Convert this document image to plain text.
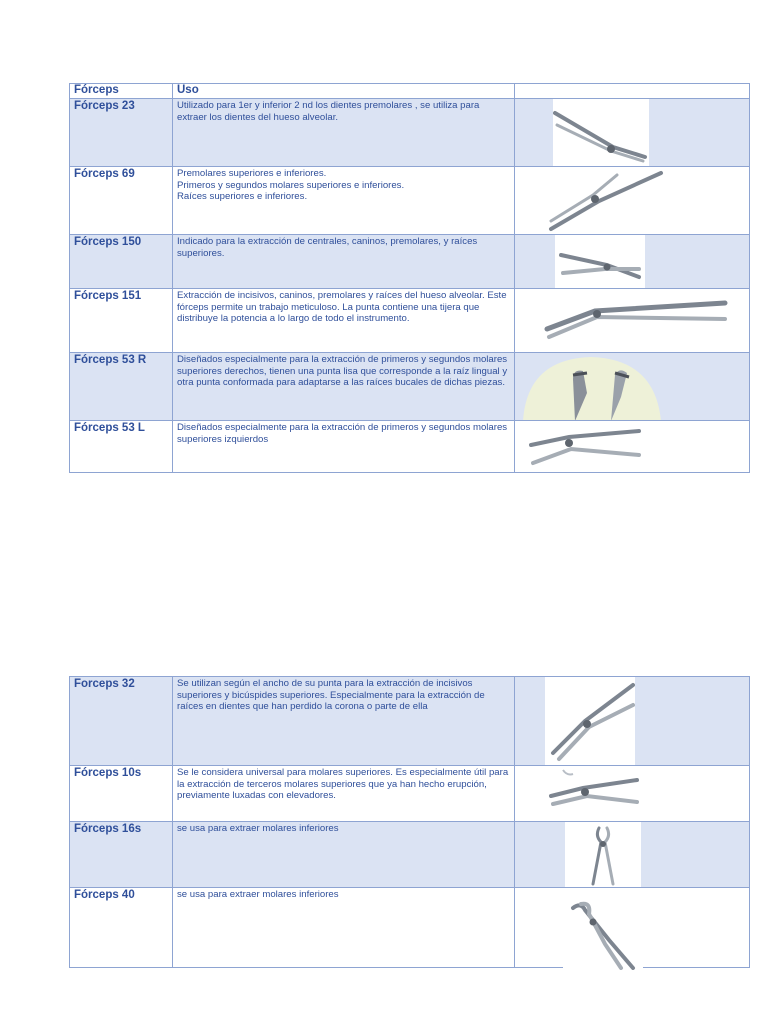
Fórceps	Uso
Fórceps 23	Utilizado para 1er y inferior 2 nd los dientes premolares , se utiliza para extraer los dientes del hueso alveolar.
Fórceps 69	Premolares superiores e inferiores.
Primeros y segundos molares superiores e inferiores.
Raíces superiores e inferiores.
Fórceps 150	Indicado para la extracción de centrales, caninos, premolares, y raíces superiores.
Fórceps 151	Extracción de incisivos, caninos, premolares y raíces del hueso alveolar. Este fórceps permite un trabajo meticuloso. La punta contiene una tijera que distribuye la potencia a lo largo de todo el instrumento.
Fórceps 53 R	Diseñados especialmente para la extracción de primeros y segundos molares superiores derechos, tienen una punta lisa que corresponde a la raíz lingual y otra punta conformada para adaptarse a las raíces bucales de dichas piezas.
Fórceps 53 L	Diseñados especialmente para la extracción de primeros y segundos molares superiores izquierdos
Forceps 32	Se utilizan según el ancho de su punta para la extracción de incisivos superiores y bicúspides superiores. Especialmente para la extracción de raíces en dientes que han perdido la corona o parte de ella
Fórceps 10s	Se le considera universal para molares superiores. Es especialmente útil para la extracción de terceros molares superiores que ya han hecho erupción, previamente luxadas con elevadores.
Fórceps 16s	se usa para extraer molares inferiores
Fórceps 40	se usa para extraer molares inferiores
